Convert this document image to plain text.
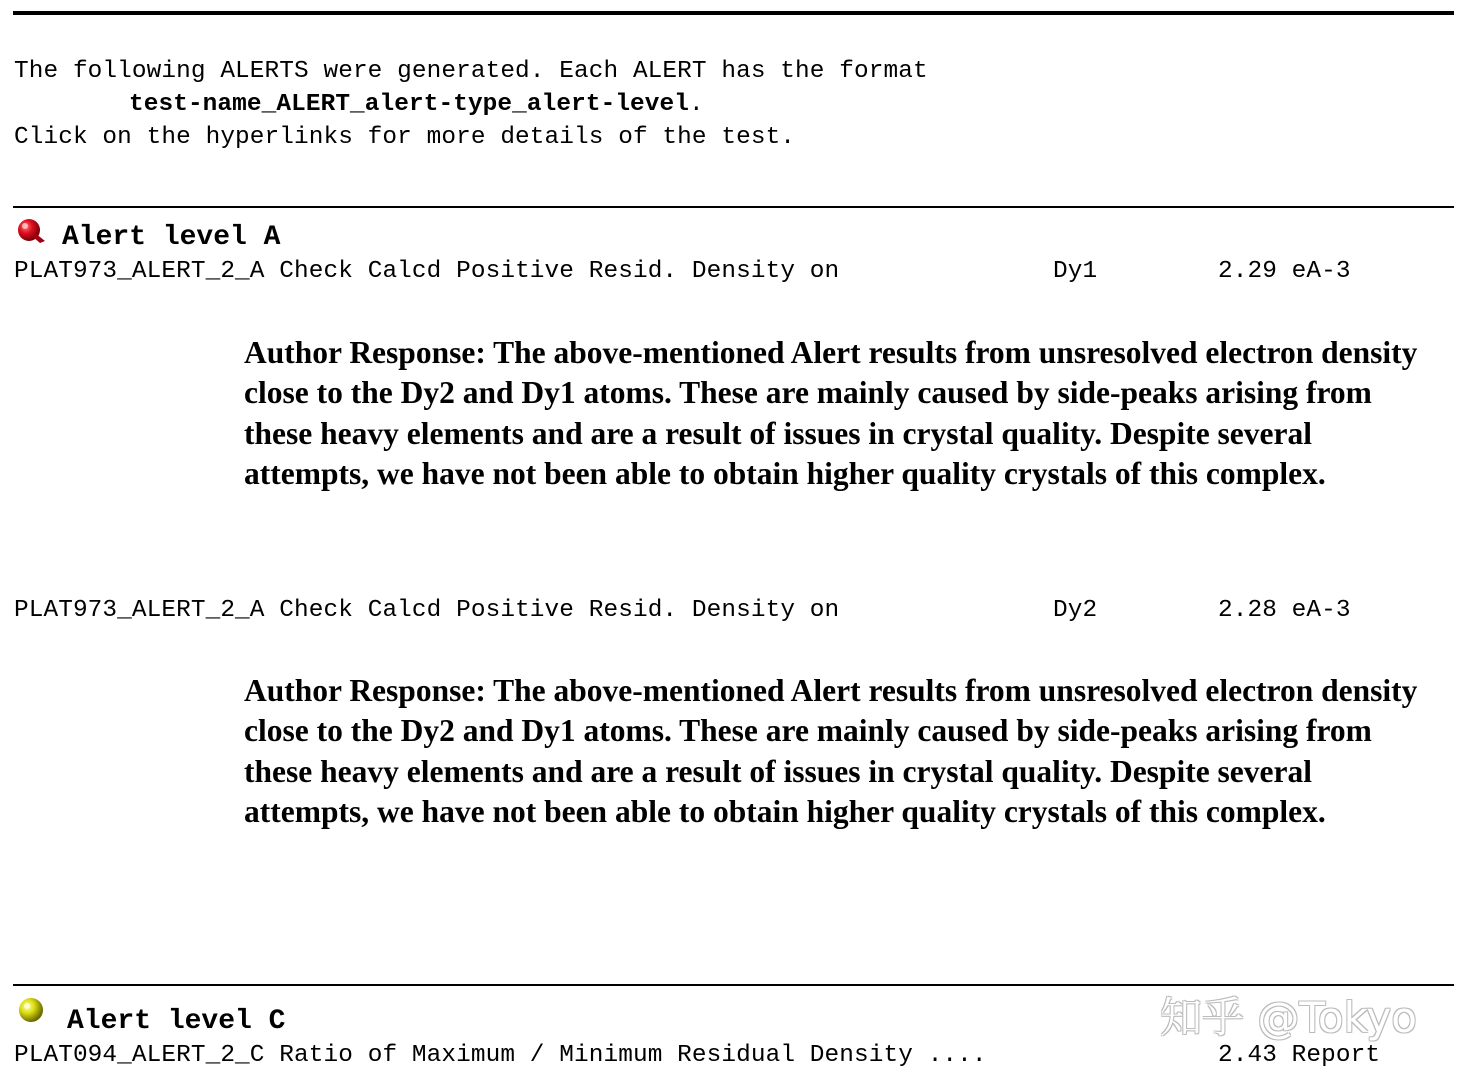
The following ALERTS were generated. Each ALERT has the format
test-name_ALERT_alert-type_alert-level.
Click on the hyperlinks for more details of the test.
Alert level A
PLAT973_ALERT_2_A Check Calcd Positive Resid. Density on	Dy1	2.29 eA-3
Author Response: The above-mentioned Alert results from unsresolved electron density close to the Dy2 and Dy1 atoms. These are mainly caused by side-peaks arising from these heavy elements and are a result of issues in crystal quality. Despite several attempts, we have not been able to obtain higher quality crystals of this complex.
PLAT973_ALERT_2_A Check Calcd Positive Resid. Density on	Dy2	2.28 eA-3
Author Response: The above-mentioned Alert results from unsresolved electron density close to the Dy2 and Dy1 atoms. These are mainly caused by side-peaks arising from these heavy elements and are a result of issues in crystal quality. Despite several attempts, we have not been able to obtain higher quality crystals of this complex.
Alert level C
PLAT094_ALERT_2_C Ratio of Maximum / Minimum Residual Density ....	2.43 Report
知乎 @Tokyo
